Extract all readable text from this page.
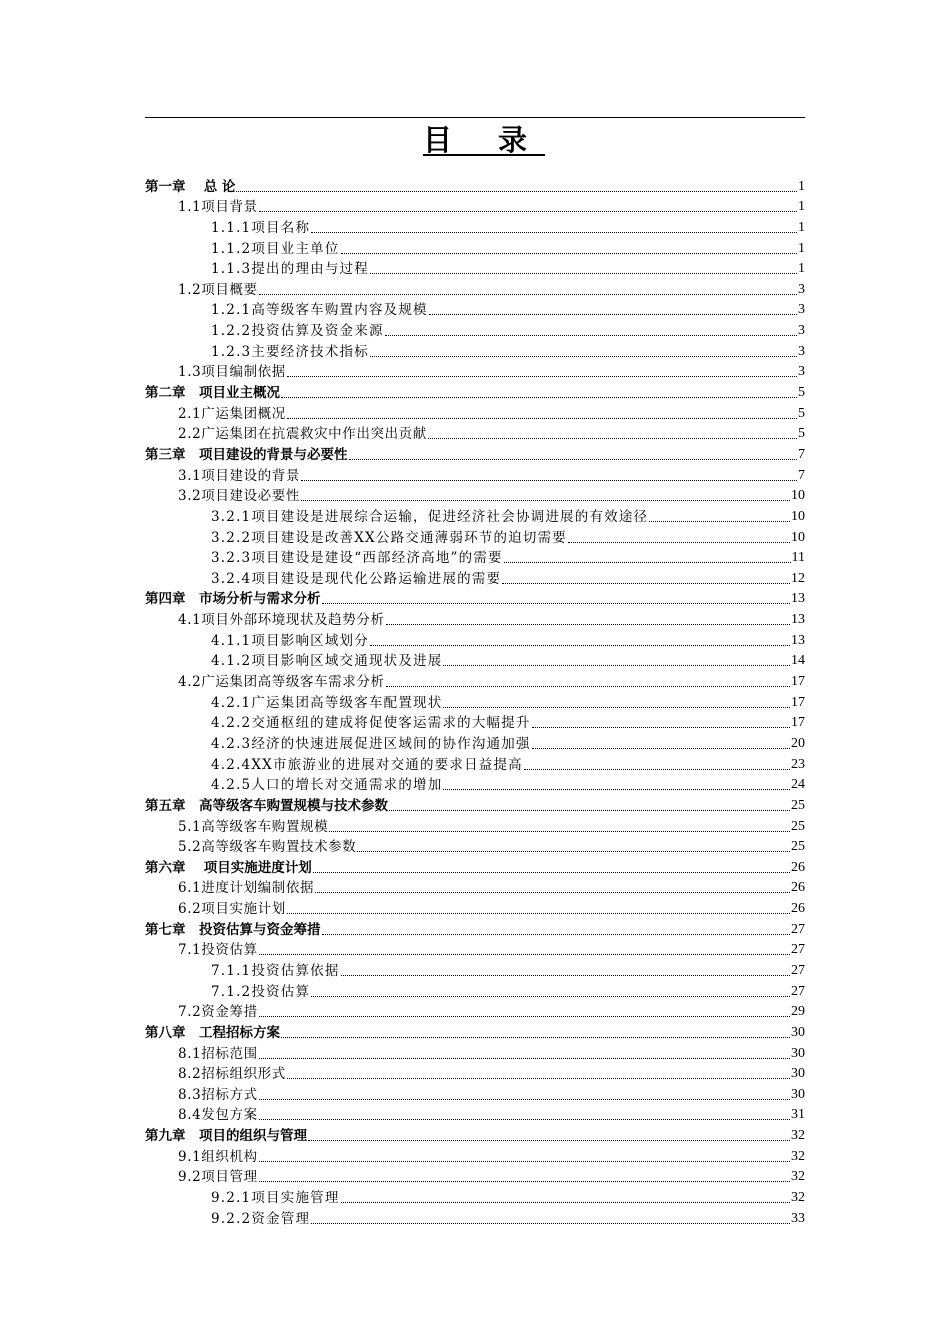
目 录
第一章　 总 论	1
1.1项目背景	1
1.1.1项目名称	1
1.1.2项目业主单位	1
1.1.3提出的理由与过程	1
1.2项目概要	3
1.2.1高等级客车购置内容及规模	3
1.2.2投资估算及资金来源	3
1.2.3主要经济技术指标	3
1.3项目编制依据	3
第二章　项目业主概况	5
2.1广运集团概况	5
2.2广运集团在抗震救灾中作出突出贡献	5
第三章　项目建设的背景与必要性	7
3.1项目建设的背景	7
3.2项目建设必要性	10
3.2.1项目建设是进展综合运输，促进经济社会协调进展的有效途径	10
3.2.2项目建设是改善XX公路交通薄弱环节的迫切需要	10
3.2.3项目建设是建设“西部经济高地”的需要	11
3.2.4项目建设是现代化公路运输进展的需要	12
第四章　市场分析与需求分析	13
4.1项目外部环境现状及趋势分析	13
4.1.1项目影响区域划分	13
4.1.2项目影响区域交通现状及进展	14
4.2广运集团高等级客车需求分析	17
4.2.1广运集团高等级客车配置现状	17
4.2.2交通枢纽的建成将促使客运需求的大幅提升	17
4.2.3经济的快速进展促进区域间的协作沟通加强	20
4.2.4XX市旅游业的进展对交通的要求日益提高	23
4.2.5人口的增长对交通需求的增加	24
第五章　高等级客车购置规模与技术参数	25
5.1高等级客车购置规模	25
5.2高等级客车购置技术参数	25
第六章　 项目实施进度计划	26
6.1进度计划编制依据	26
6.2项目实施计划	26
第七章　投资估算与资金筹措	27
7.1投资估算	27
7.1.1投资估算依据	27
7.1.2投资估算	27
7.2资金筹措	29
第八章　工程招标方案	30
8.1招标范围	30
8.2招标组织形式	30
8.3招标方式	30
8.4发包方案	31
第九章　项目的组织与管理	32
9.1组织机构	32
9.2项目管理	32
9.2.1项目实施管理	32
9.2.2资金管理	33
